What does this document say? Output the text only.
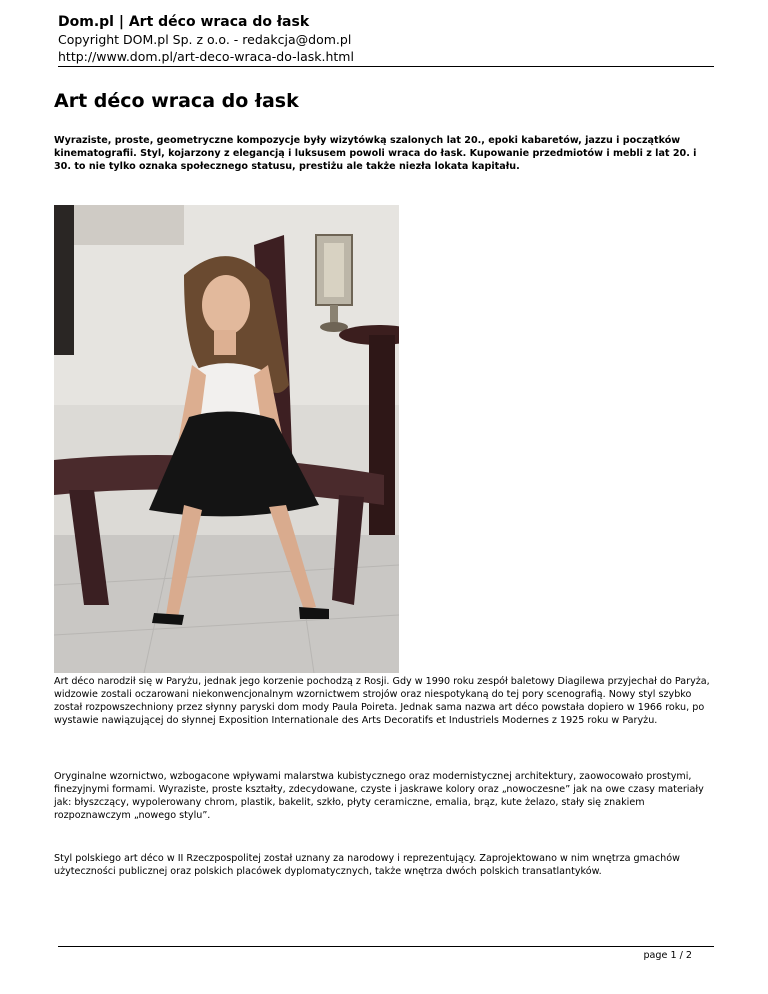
Dom.pl | Art déco wraca do łask
Copyright DOM.pl Sp. z o.o. - redakcja@dom.pl
http://www.dom.pl/art-deco-wraca-do-lask.html
Art déco wraca do łask

Wyraziste, proste, geometryczne kompozycje były wizytówką szalonych lat 20., epoki kabaretów, jazzu i początków kinematografii. Styl, kojarzony z elegancją i luksusem powoli wraca do łask. Kupowanie przedmiotów i mebli z lat 20. i 30. to nie tylko oznaka społecznego statusu, prestiżu ale także niezła lokata kapitału.

Art déco narodził się w Paryżu, jednak jego korzenie pochodzą z Rosji. Gdy w 1990 roku zespół baletowy Diagilewa przyjechał do Paryża, widzowie zostali oczarowani niekonwencjonalnym wzornictwem strojów oraz niespotykaną do tej pory scenografią. Nowy styl szybko został rozpowszechniony przez słynny paryski dom mody Paula Poireta. Jednak sama nazwa art déco powstała dopiero w 1966 roku, po wystawie nawiązującej do słynnej Exposition Internationale des Arts Decoratifs et Industriels Modernes z 1925 roku w Paryżu.

Oryginalne wzornictwo, wzbogacone wpływami malarstwa kubistycznego oraz modernistycznej architektury, zaowocowało prostymi, finezyjnymi formami. Wyraziste, proste kształty, zdecydowane, czyste i jaskrawe kolory oraz „nowoczesne” jak na owe czasy materiały jak: błyszczący, wypolerowany chrom, plastik, bakelit, szkło, płyty ceramiczne, emalia, brąz, kute żelazo, stały się znakiem rozpoznawczym „nowego stylu”.

Styl polskiego art déco w II Rzeczpospolitej został uznany za narodowy i reprezentujący. Zaprojektowano w nim wnętrza gmachów użyteczności publicznej oraz polskich placówek dyplomatycznych, także wnętrza dwóch polskich transatlantyków.

page 1 / 2
